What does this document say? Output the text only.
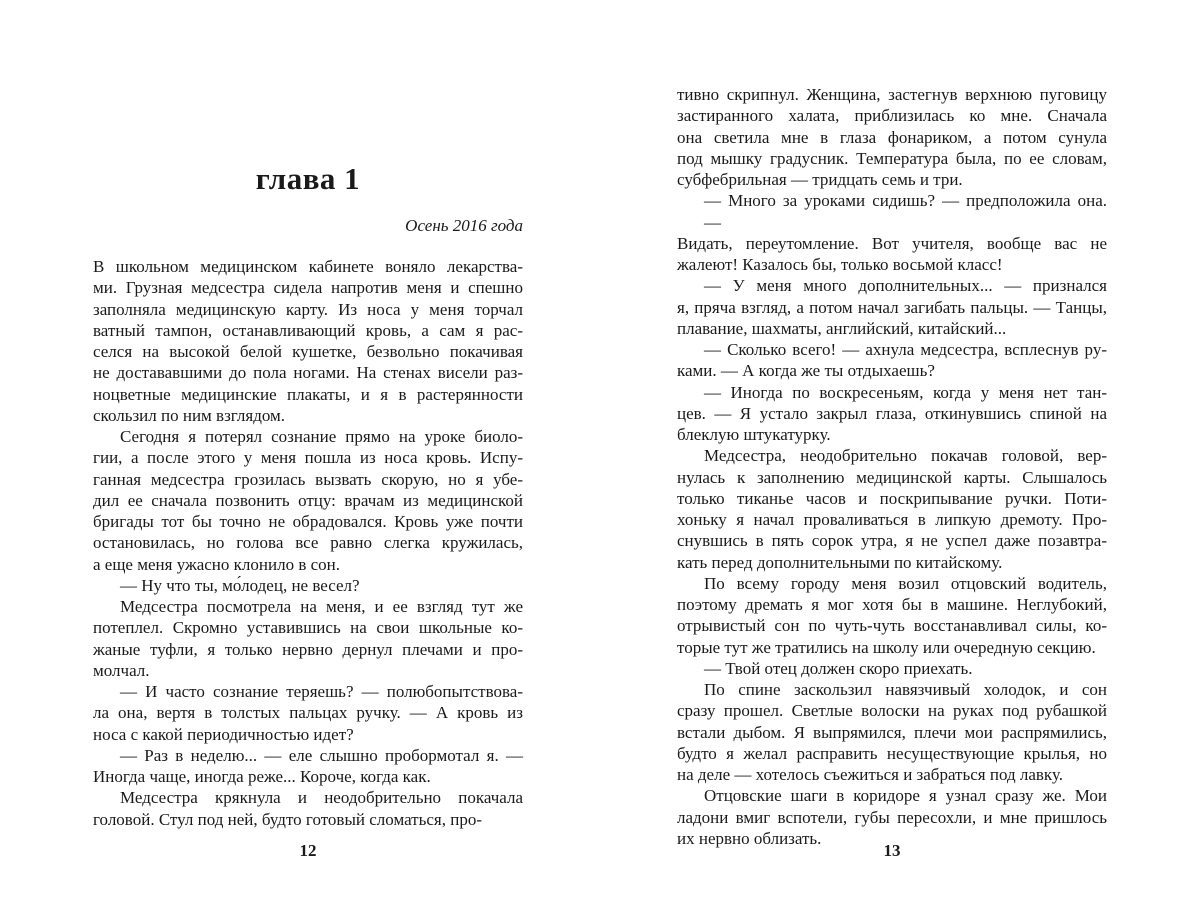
глава 1
Осень 2016 года
В школьном медицинском кабинете воняло лекарства-
ми. Грузная медсестра сидела напротив меня и спешно
заполняла медицинскую карту. Из носа у меня торчал
ватный тампон, останавливающий кровь, а сам я рас-
селся на высокой белой кушетке, безвольно покачивая
не достававшими до пола ногами. На стенах висели раз-
ноцветные медицинские плакаты, и я в растерянности
скользил по ним взглядом.
Сегодня я потерял сознание прямо на уроке биоло-
гии, а после этого у меня пошла из носа кровь. Испу-
ганная медсестра грозилась вызвать скорую, но я убе-
дил ее сначала позвонить отцу: врачам из медицинской
бригады тот бы точно не обрадовался. Кровь уже почти
остановилась, но голова все равно слегка кружилась,
а еще меня ужасно клонило в сон.
— Ну что ты, мо́лодец, не весел?
Медсестра посмотрела на меня, и ее взгляд тут же
потеплел. Скромно уставившись на свои школьные ко-
жаные туфли, я только нервно дернул плечами и про-
молчал.
— И часто сознание теряешь? — полюбопытствова-
ла она, вертя в толстых пальцах ручку. — А кровь из
носа с какой периодичностью идет?
— Раз в неделю... — еле слышно пробормотал я. —
Иногда чаще, иногда реже... Короче, когда как.
Медсестра крякнула и неодобрительно покачала
головой. Стул под ней, будто готовый сломаться, про-
12
тивно скрипнул. Женщина, застегнув верхнюю пуговицу
застиранного халата, приблизилась ко мне. Сначала
она светила мне в глаза фонариком, а потом сунула
под мышку градусник. Температура была, по ее словам,
субфебрильная — тридцать семь и три.
— Много за уроками сидишь? — предположила она. —
Видать, переутомление. Вот учителя, вообще вас не
жалеют! Казалось бы, только восьмой класс!
— У меня много дополнительных... — признался
я, пряча взгляд, а потом начал загибать пальцы. — Танцы,
плавание, шахматы, английский, китайский...
— Сколько всего! — ахнула медсестра, всплеснув ру-
ками. — А когда же ты отдыхаешь?
— Иногда по воскресеньям, когда у меня нет тан-
цев. — Я устало закрыл глаза, откинувшись спиной на
блеклую штукатурку.
Медсестра, неодобрительно покачав головой, вер-
нулась к заполнению медицинской карты. Слышалось
только тиканье часов и поскрипывание ручки. Поти-
хоньку я начал проваливаться в липкую дремоту. Про-
снувшись в пять сорок утра, я не успел даже позавтра-
кать перед дополнительными по китайскому.
По всему городу меня возил отцовский водитель,
поэтому дремать я мог хотя бы в машине. Неглубокий,
отрывистый сон по чуть-чуть восстанавливал силы, ко-
торые тут же тратились на школу или очередную секцию.
— Твой отец должен скоро приехать.
По спине заскользил навязчивый холодок, и сон
сразу прошел. Светлые волоски на руках под рубашкой
встали дыбом. Я выпрямился, плечи мои распрямились,
будто я желал расправить несуществующие крылья, но
на деле — хотелось съежиться и забраться под лавку.
Отцовские шаги в коридоре я узнал сразу же. Мои
ладони вмиг вспотели, губы пересохли, и мне пришлось
их нервно облизать.
13
